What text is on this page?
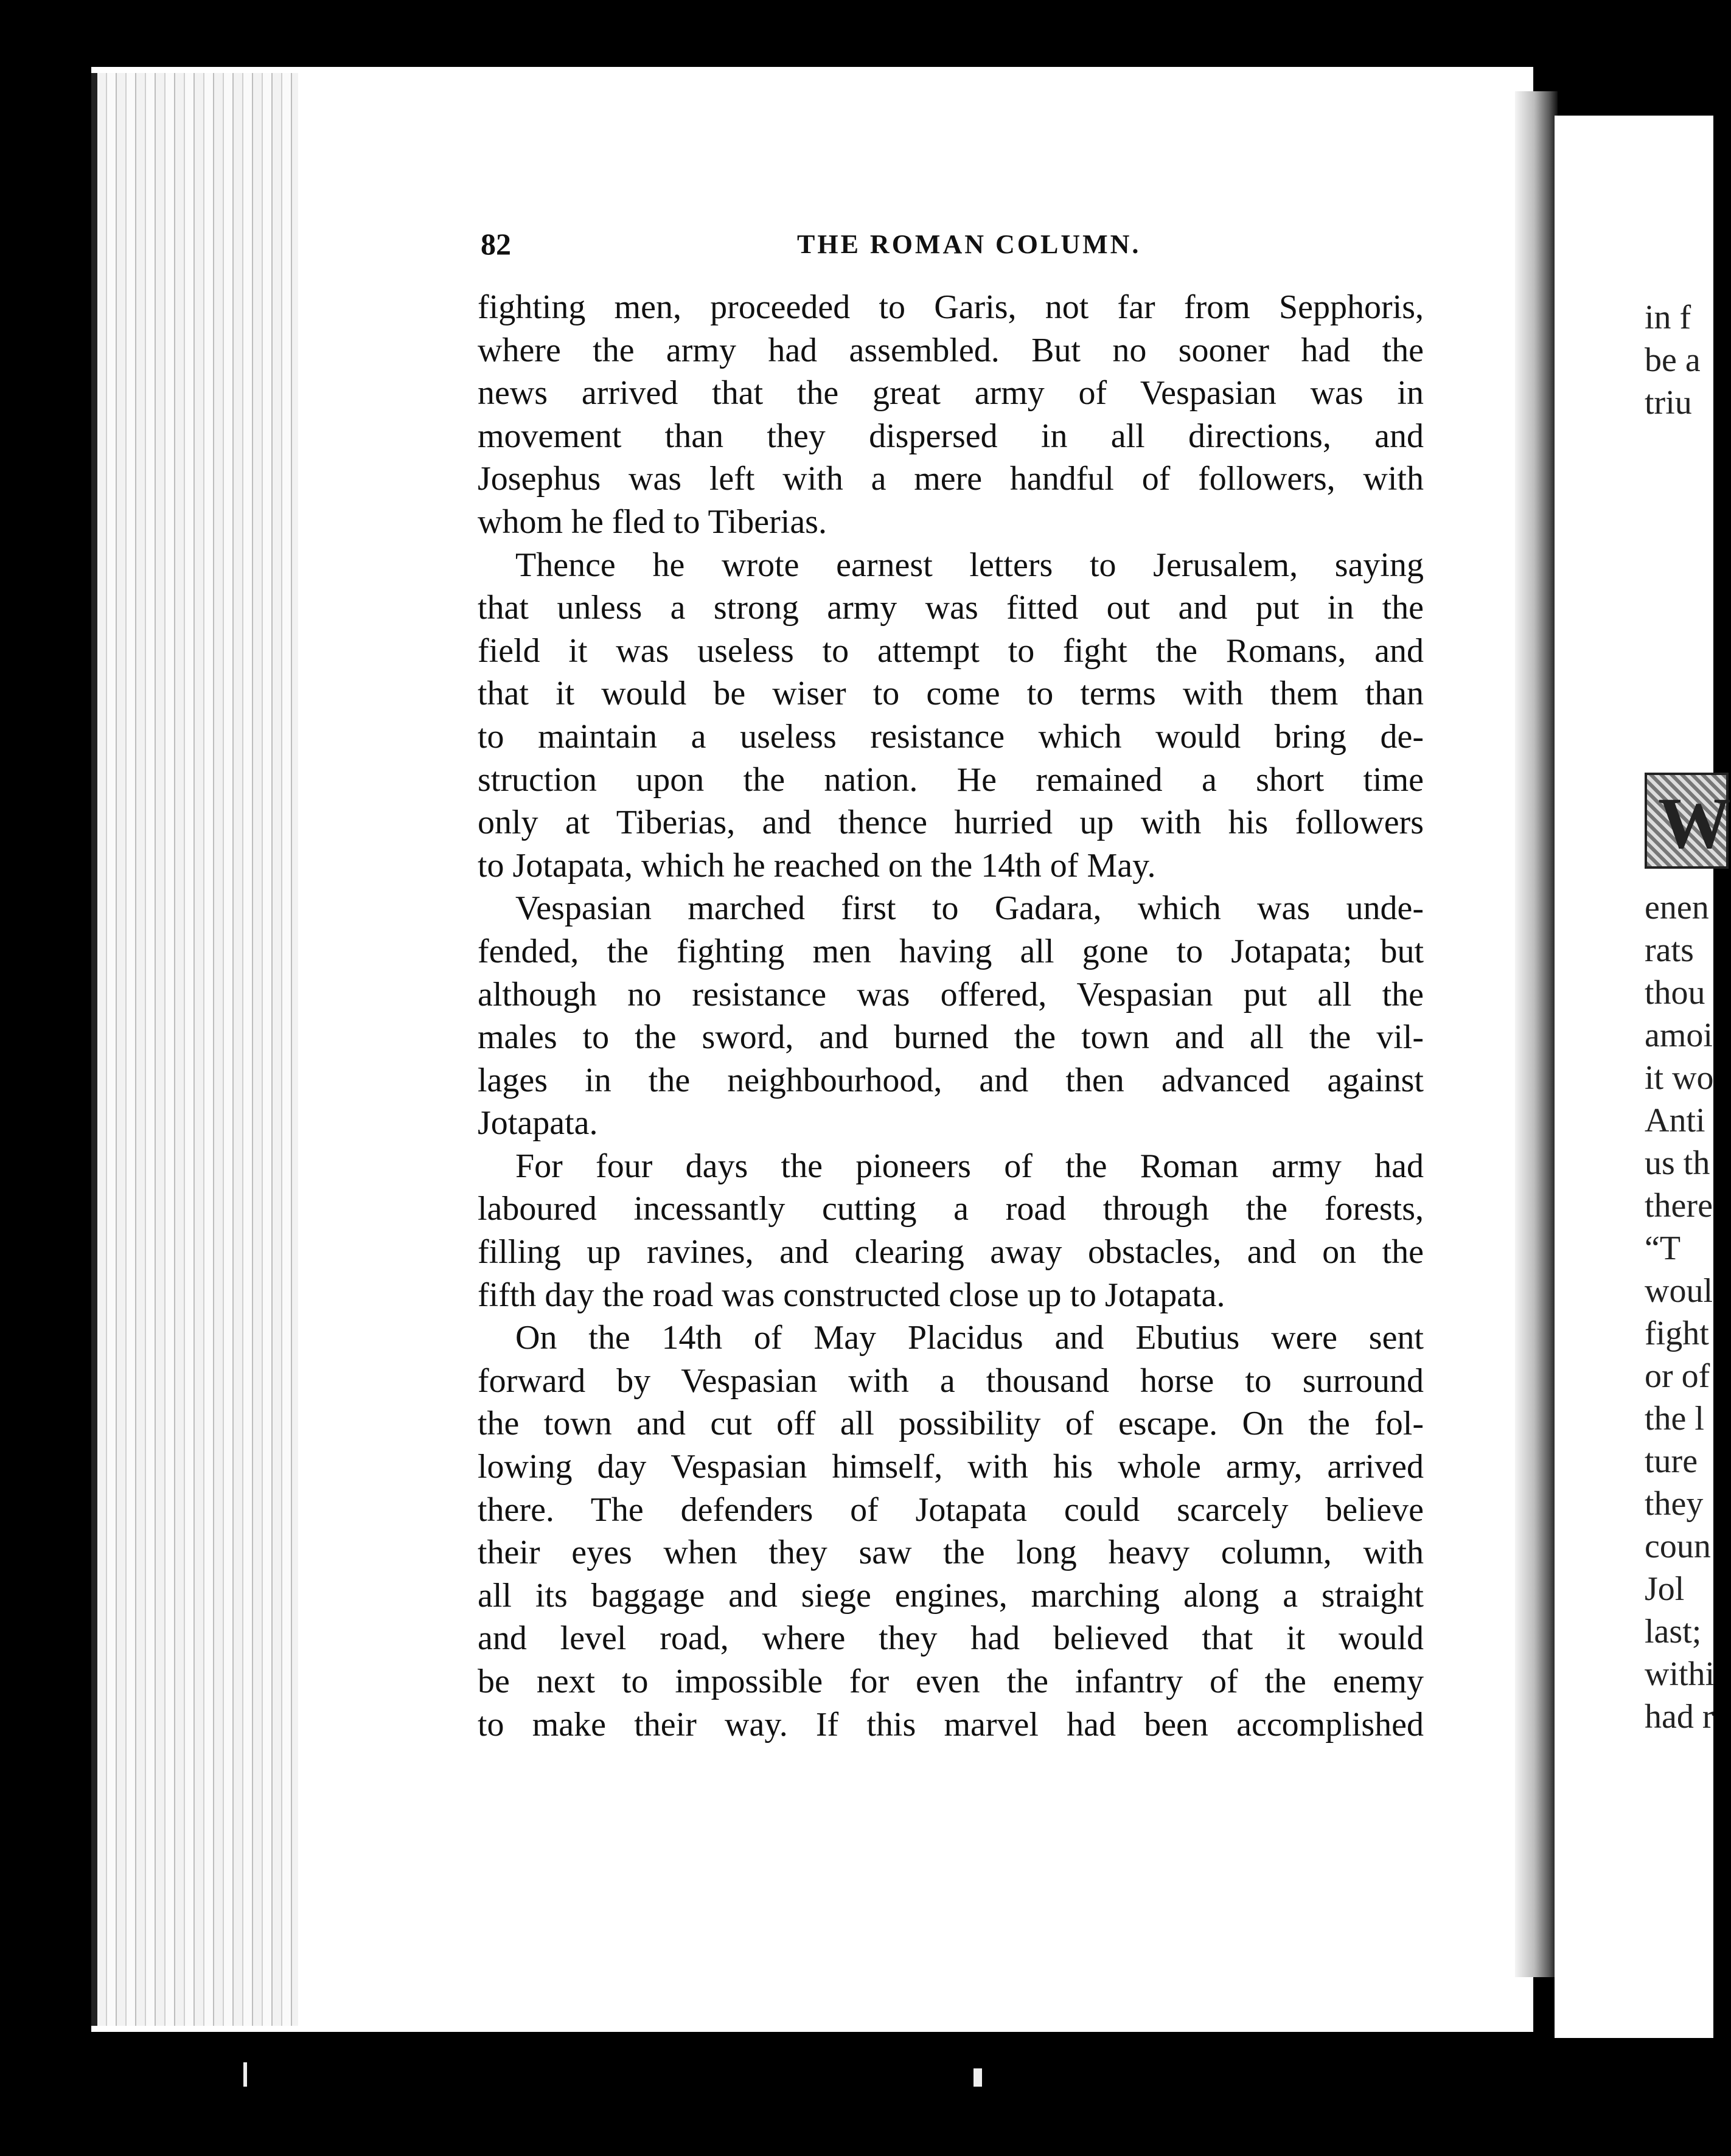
82	THE ROMAN COLUMN.
fighting men, proceeded to Garis, not far from Sepphoris,
where the army had assembled. But no sooner had the
news arrived that the great army of Vespasian was in
movement than they dispersed in all directions, and
Josephus was left with a mere handful of followers, with
whom he fled to Tiberias.
Thence he wrote earnest letters to Jerusalem, saying
that unless a strong army was fitted out and put in the
field it was useless to attempt to fight the Romans, and
that it would be wiser to come to terms with them than
to maintain a useless resistance which would bring de-
struction upon the nation. He remained a short time
only at Tiberias, and thence hurried up with his followers
to Jotapata, which he reached on the 14th of May.
Vespasian marched first to Gadara, which was unde-
fended, the fighting men having all gone to Jotapata; but
although no resistance was offered, Vespasian put all the
males to the sword, and burned the town and all the vil-
lages in the neighbourhood, and then advanced against
Jotapata.
For four days the pioneers of the Roman army had
laboured incessantly cutting a road through the forests,
filling up ravines, and clearing away obstacles, and on the
fifth day the road was constructed close up to Jotapata.
On the 14th of May Placidus and Ebutius were sent
forward by Vespasian with a thousand horse to surround
the town and cut off all possibility of escape. On the fol-
lowing day Vespasian himself, with his whole army, arrived
there. The defenders of Jotapata could scarcely believe
their eyes when they saw the long heavy column, with
all its baggage and siege engines, marching along a straight
and level road, where they had believed that it would
be next to impossible for even the infantry of the enemy
to make their way. If this marvel had been accomplished
in f
be a
triu
W
enen
rats
thou
amoi
it wo
Anti
us th
there
“T
woul
fight
or of
the l
ture
they
coun
Jol
last;
withi
had r
